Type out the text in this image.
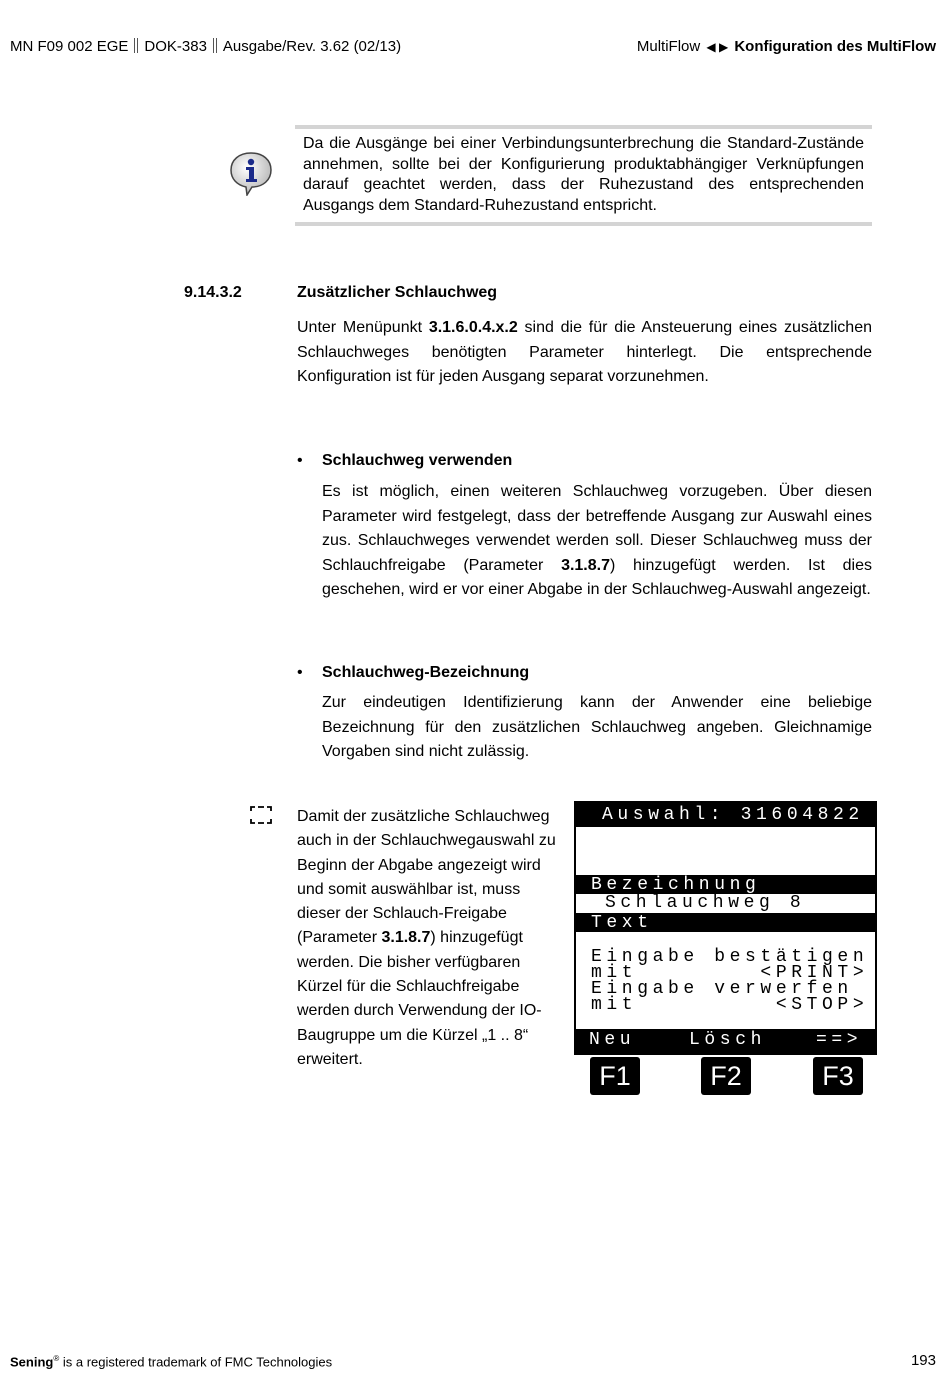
MN F09 002 EGE DOK-383 Ausgabe/Rev. 3.62 (02/13)	MultiFlow ◀ ▶ Konfiguration des MultiFlow
Da die Ausgänge bei einer Verbindungsunterbrechung die Standard-Zustände annehmen, sollte bei der Konfigurierung produktabhängiger Verknüpfungen darauf geachtet werden, dass der Ruhezustand des entsprechenden Ausgangs dem Standard-Ruhezustand entspricht.
9.14.3.2	Zusätzlicher Schlauchweg
Unter Menüpunkt 3.1.6.0.4.x.2 sind die für die Ansteuerung eines zusätzlichen Schlauchweges benötigten Parameter hinterlegt. Die entsprechende Konfiguration ist für jeden Ausgang separat vorzunehmen.
• Schlauchweg verwenden
Es ist möglich, einen weiteren Schlauchweg vorzugeben. Über diesen Parameter wird festgelegt, dass der betreffende Ausgang zur Auswahl eines zus. Schlauchweges verwendet werden soll. Dieser Schlauchweg muss der Schlauchfreigabe (Parameter 3.1.8.7) hinzugefügt werden. Ist dies geschehen, wird er vor einer Abgabe in der Schlauchweg-Auswahl angezeigt.
• Schlauchweg-Bezeichnung
Zur eindeutigen Identifizierung kann der Anwender eine beliebige Bezeichnung für den zusätzlichen Schlauchweg angeben. Gleichnamige Vorgaben sind nicht zulässig.
Damit der zusätzliche Schlauchweg auch in der Schlauchwegauswahl zu Beginn der Abgabe angezeigt wird und somit auswählbar ist, muss dieser der Schlauch-Freigabe (Parameter 3.1.8.7) hinzugefügt werden. Die bisher verfügbaren Kürzel für die Schlauchfreigabe werden durch Verwendung der IO-Baugruppe um die Kürzel „1 .. 8“ erweitert.
Auswahl: 31604822
Bezeichnung
Schlauchweg 8
Text
Eingabe bestätigen
mit        <PRINT>
Eingabe verwerfen
mit         <STOP>
Neu	Lösch	==>
F1	F2	F3
Sening® is a registered trademark of FMC Technologies	193
